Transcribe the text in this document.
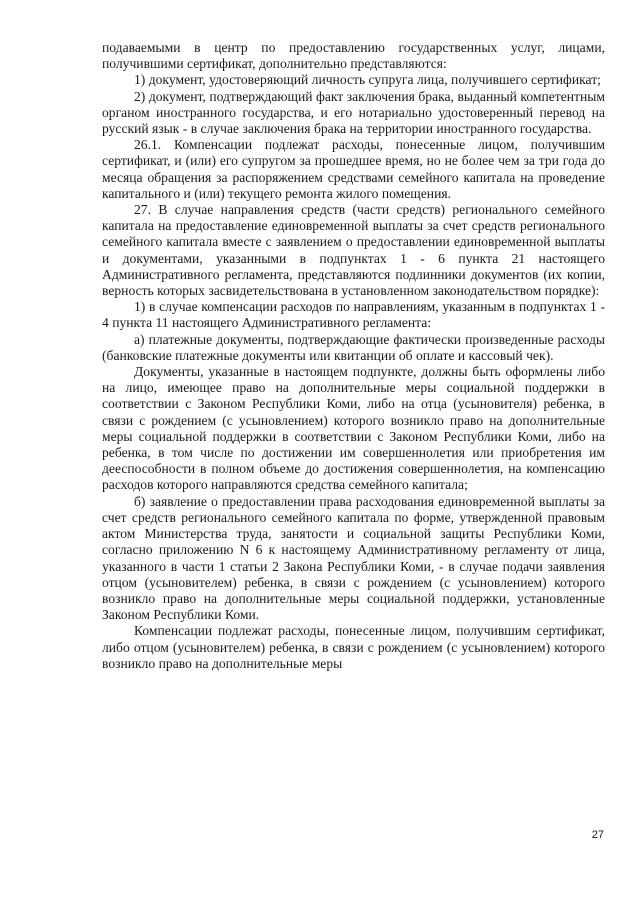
подаваемыми в центр по предоставлению государственных услуг, лицами, получившими сертификат, дополнительно представляются:

1) документ, удостоверяющий личность супруга лица, получившего сертификат;

2) документ, подтверждающий факт заключения брака, выданный компетентным органом иностранного государства, и его нотариально удостоверенный перевод на русский язык - в случае заключения брака на территории иностранного государства.

26.1. Компенсации подлежат расходы, понесенные лицом, получившим сертификат, и (или) его супругом за прошедшее время, но не более чем за три года до месяца обращения за распоряжением средствами семейного капитала на проведение капитального и (или) текущего ремонта жилого помещения.

27. В случае направления средств (части средств) регионального семейного капитала на предоставление единовременной выплаты за счет средств регионального семейного капитала вместе с заявлением о предоставлении единовременной выплаты и документами, указанными в подпунктах 1 - 6 пункта 21 настоящего Административного регламента, представляются подлинники документов (их копии, верность которых засвидетельствована в установленном законодательством порядке):

1) в случае компенсации расходов по направлениям, указанным в подпунктах 1 - 4 пункта 11 настоящего Административного регламента:

а) платежные документы, подтверждающие фактически произведенные расходы (банковские платежные документы или квитанции об оплате и кассовый чек).

Документы, указанные в настоящем подпункте, должны быть оформлены либо на лицо, имеющее право на дополнительные меры социальной поддержки в соответствии с Законом Республики Коми, либо на отца (усыновителя) ребенка, в связи с рождением (с усыновлением) которого возникло право на дополнительные меры социальной поддержки в соответствии с Законом Республики Коми, либо на ребенка, в том числе по достижении им совершеннолетия или приобретения им дееспособности в полном объеме до достижения совершеннолетия, на компенсацию расходов которого направляются средства семейного капитала;

б) заявление о предоставлении права расходования единовременной выплаты за счет средств регионального семейного капитала по форме, утвержденной правовым актом Министерства труда, занятости и социальной защиты Республики Коми, согласно приложению N 6 к настоящему Административному регламенту от лица, указанного в части 1 статьи 2 Закона Республики Коми, - в случае подачи заявления отцом (усыновителем) ребенка, в связи с рождением (с усыновлением) которого возникло право на дополнительные меры социальной поддержки, установленные Законом Республики Коми.

Компенсации подлежат расходы, понесенные лицом, получившим сертификат, либо отцом (усыновителем) ребенка, в связи с рождением (с усыновлением) которого возникло право на дополнительные меры

27
